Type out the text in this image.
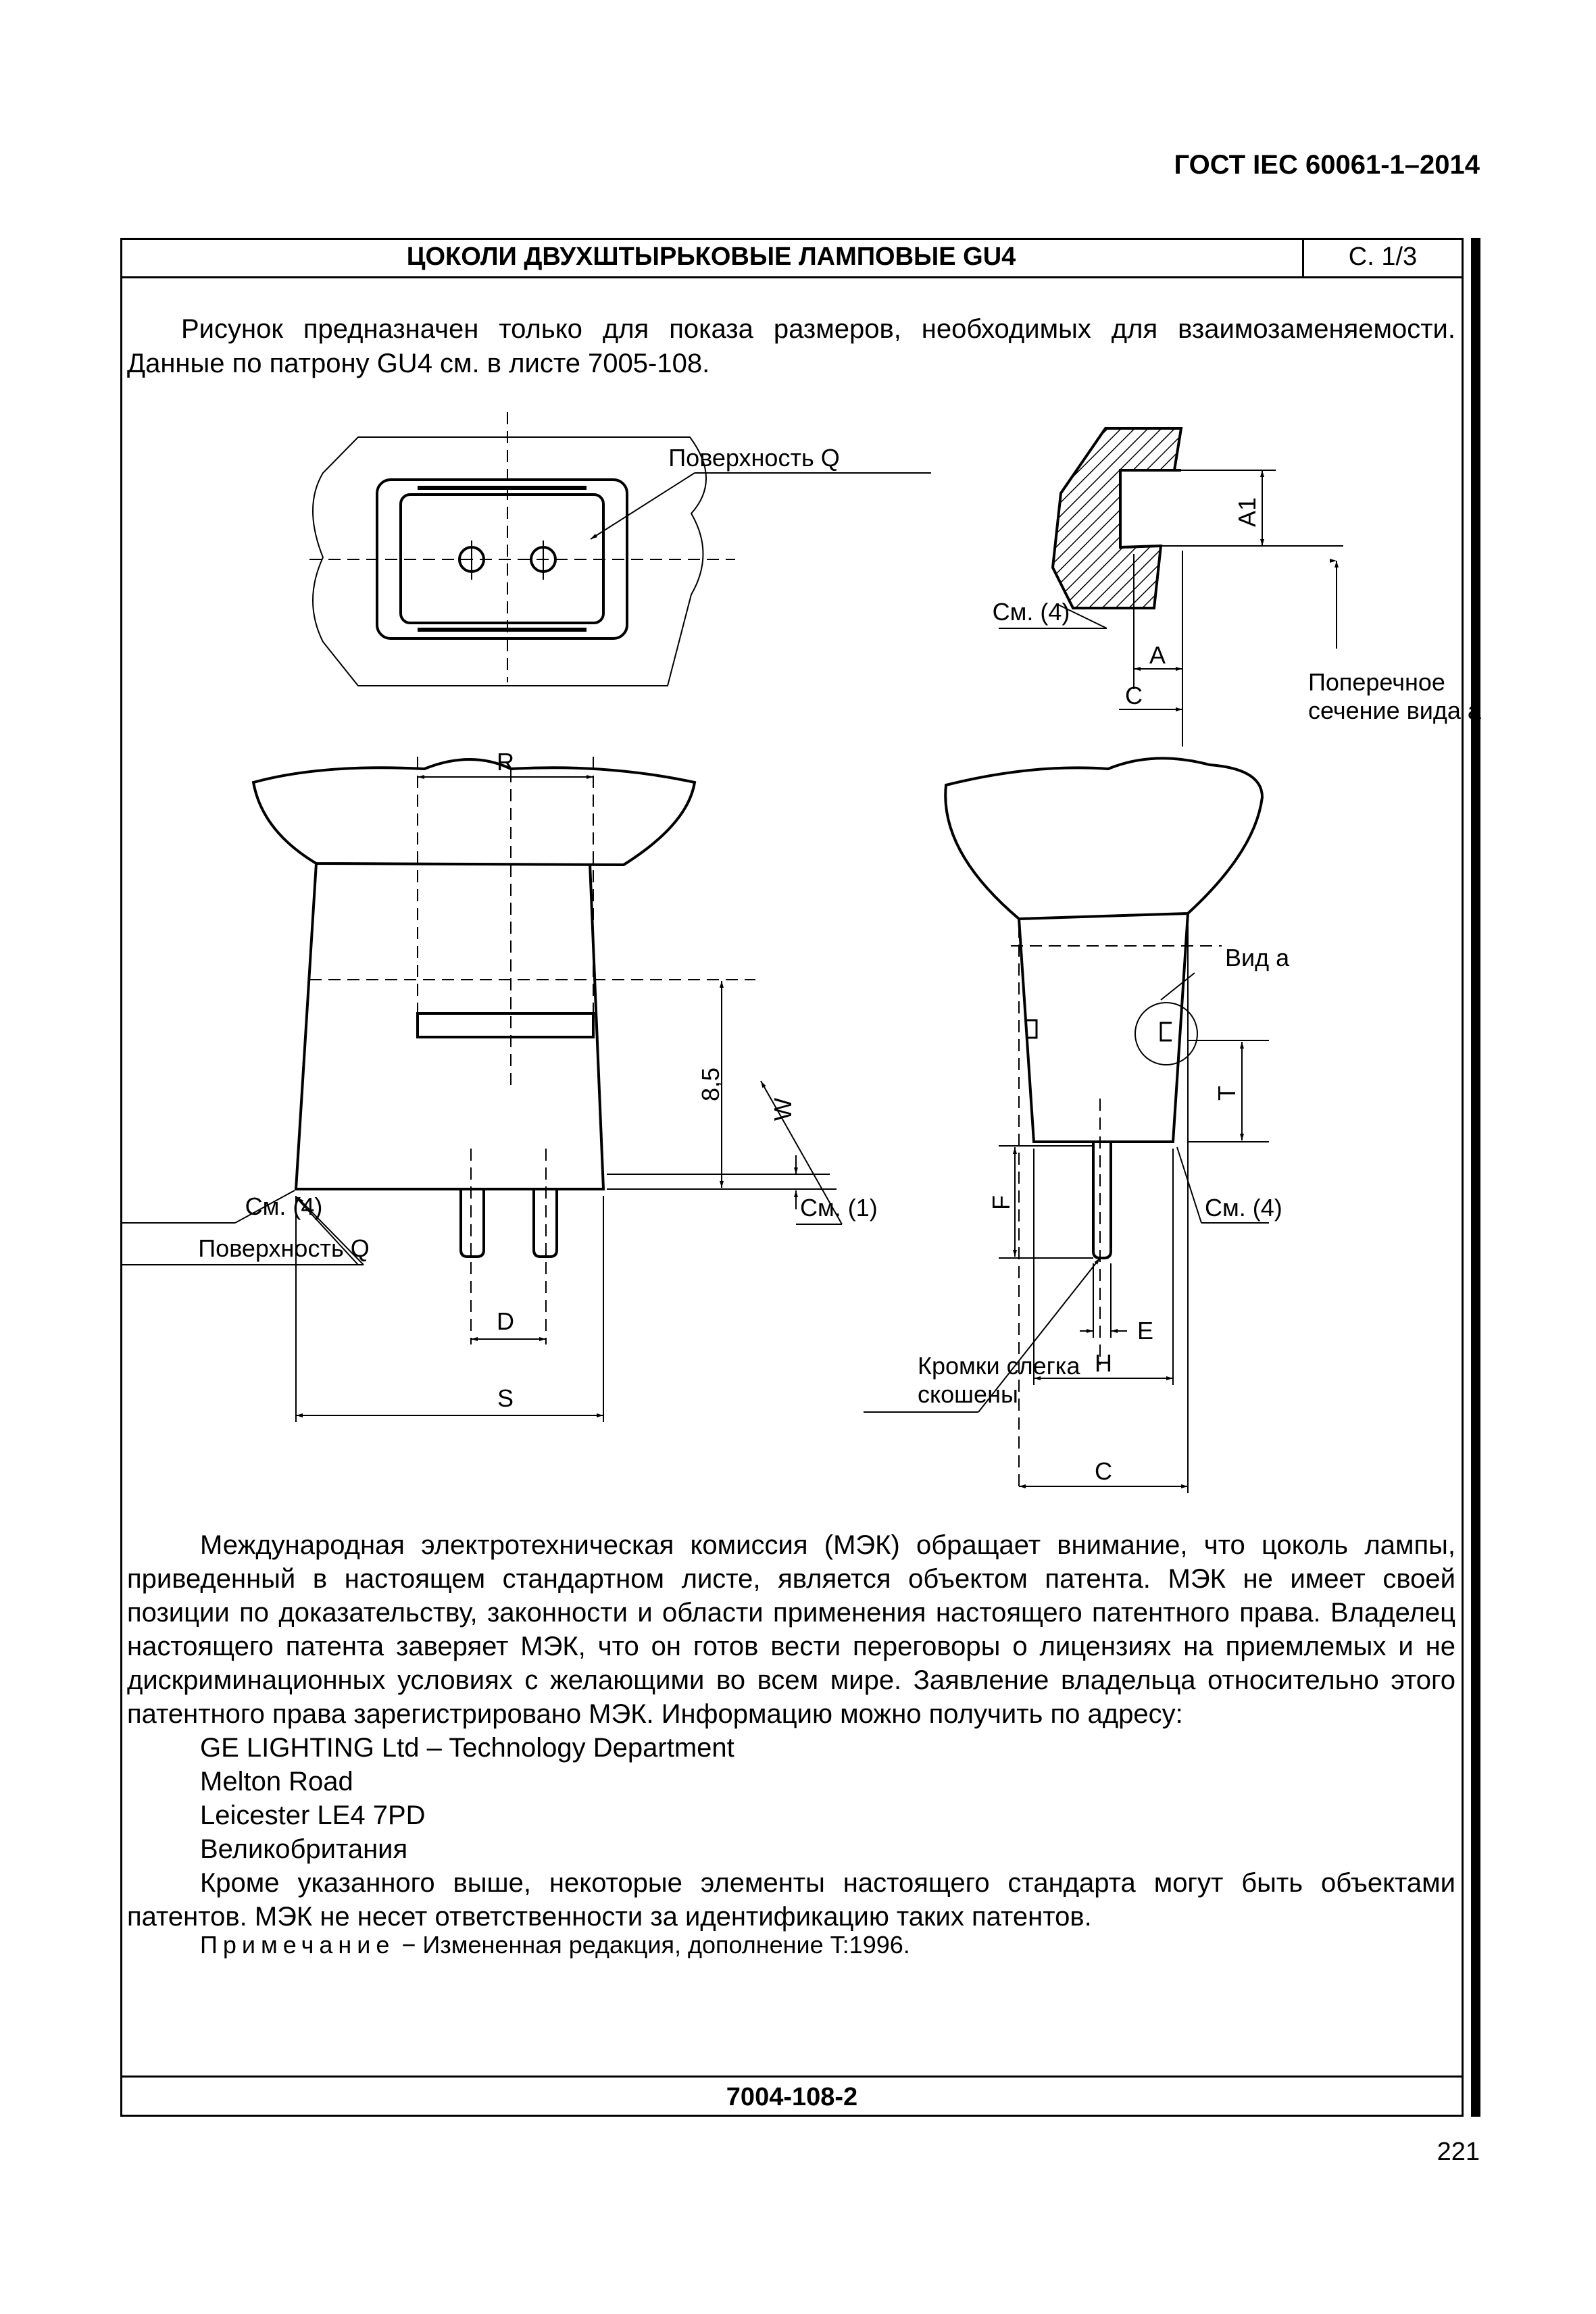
ГОСТ IEC 60061-1–2014
ЦОКОЛИ ДВУХШТЫРЬКОВЫЕ ЛАМПОВЫЕ GU4	С. 1/3

Рисунок предназначен только для показа размеров, необходимых для взаимозаменяемости. Данные по патрону GU4 см. в листе 7005-108.

Поверхность Q
A1
См. (4)
A
C	Поперечное
сечение вида a
R
8,5
W
См. (4)	См. (1)
Поверхность Q
D
S
Вид a
T
F	См. (4)
E
Кромки слегка
скошены
H
C

Международная электротехническая комиссия (МЭК) обращает внимание, что цоколь лампы, приведенный в настоящем стандартном листе, является объектом патента. МЭК не имеет своей позиции по доказательству, законности и области применения настоящего патентного права. Владелец настоящего патента заверяет МЭК, что он готов вести переговоры о лицензиях на приемлемых и не дискриминационных условиях с желающими во всем мире. Заявление владельца относительно этого патентного права зарегистрировано МЭК. Информацию можно получить по адресу:

GE LIGHTING Ltd – Technology Department

Melton Road

Leicester LE4 7PD

Великобритания

Кроме указанного выше, некоторые элементы настоящего стандарта могут быть объектами патентов. МЭК не несет ответственности за идентификацию таких патентов.

Примечание − Измененная редакция, дополнение T:1996.
7004-108-2
221
